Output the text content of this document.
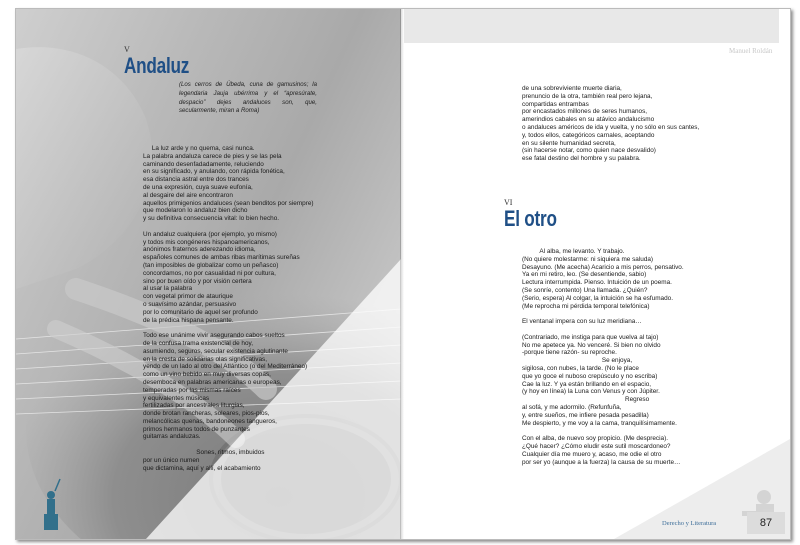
V
Andaluz
(Los cerros de Úbeda, cuna de gamusinos; la legendaria Jauja ubérrima y el “apresúrate, despacio” dejes andaluces son, que, secularmente, miran a Roma)
La luz arde y no quema, casi nunca.
La palabra andaluza carece de pies y se las pela
caminando desenfadadamente, reluciendo
en su significado, y anulando, con rápida fonética,
esa distancia astral entre dos trances
de una expresión, cuya suave eufonía,
al desgaire del aire encontraron
aquellos primigenios andaluces (sean benditos por siempre)
que modelaron lo andaluz bien dicho
y su definitiva consecuencia vital: lo bien hecho.
Un andaluz cualquiera (por ejemplo, yo mismo)
y todos mis congéneres hispanoamericanos,
anónimos fraternos aderezando idioma,
españoles comunes de ambas ribas marítimas sureñas
(tan imposibles de globalizar como un peñasco)
concordamos, no por casualidad ni por cultura,
sino por buen oído y por visión certera
al usar la palabra
con vegetal primor de ataurique
o suavísimo azándar, persuasivo
por lo comunitario de aquel ser profundo
de la prédica hispana pensante.
Todo ese unánime vivir asegurando cabos sueltos
de la confusa trama existencial de hoy,
asumiendo, seguros, secular existencia aglutinante
en la cresta de solidarias olas significativas,
yendo de un lado al otro del Atlántico (o del Mediterráneo)
como un vino bebido en muy diversas copas,
desemboca en palabras americanas o europeas,
temperadas por las mismas raíces
y equivalentes músicas
fertilizadas por ancestrales liturgias,
donde brotan rancheras, soleares, pios-pios,
melancólicas quenas, bandoneones tangueros,
primos hermanos todos de punzantes
guitarras andaluzas.
Sones, ritmos, imbuidos
por un único numen
que dictamina, aquí y allí, el acabamiento
Manuel Roldán
de una sobreviviente muerte diaria,
prenuncio de la otra, también real pero lejana,
compartidas entrambas
por encastados millones de seres humanos,
amerindios cabales en su atávico andalucismo
o andaluces américos de ida y vuelta, y no sólo en sus cantes,
y, todos ellos, categóricos carnales, aceptando
en su silente humanidad secreta,
(sin hacerse notar, como quien nace desvalido)
ese fatal destino del hombre y su palabra.
VI
El otro
Al alba, me levanto. Y trabajo.
(No quiere molestarme: ni siquiera me saluda)
Desayuno. (Me acecha) Acaricio a mis perros, pensativo.
Ya en mi retiro, leo. (Se desentiende, sabio)
Lectura interrumpida. Pienso. Intuición de un poema.
(Se sonríe, contento) Una llamada. ¿Quién?
(Serio, espera) Al colgar, la intuición se ha esfumado.
(Me reprocha mi pérdida temporal telefónica)
El ventanal impera con su luz meridiana…
(Contrariado, me instiga para que vuelva al tajo)
No me apetece ya. No venceré. Si bien no olvido
-porque tiene razón- su reproche.
Se enjoya,
sigilosa, con nubes, la tarde. (No le place
que yo goce el nuboso crepúsculo y no escriba)
Cae la luz. Y ya están brillando en el espacio,
(y hoy en línea) la Luna con Venus y con Júpiter.
Regreso
al sofá, y me adormilo. (Refunfuña,
y, entre sueños, me infiere pesada pesadilla)
Me despierto, y me voy a la cama, tranquilísimamente.
Con el alba, de nuevo soy propicio. (Me desprecia).
¿Qué hacer? ¿Cómo eludir este sutil moscardoneo?
Cualquier día me muero y, acaso, me odie el otro
por ser yo (aunque a la fuerza) la causa de su muerte…
Derecho y Literatura	87
